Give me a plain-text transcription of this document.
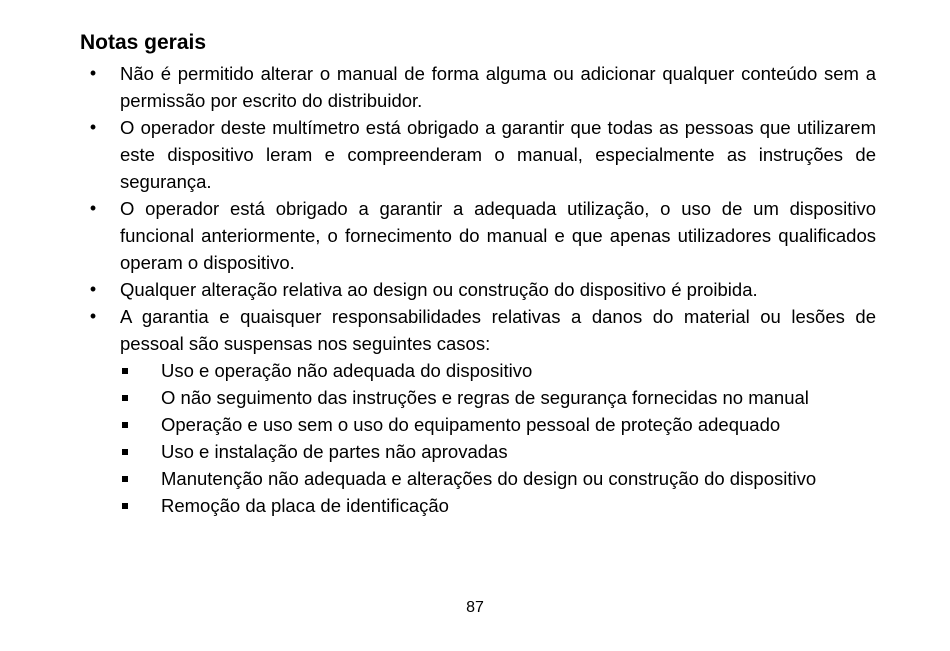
Notas gerais
• Não é permitido alterar o manual de forma alguma ou adicionar qualquer conteúdo sem a permissão por escrito do distribuidor.
• O operador deste multímetro está obrigado a garantir que todas as pessoas que utilizarem este dispositivo leram e compreenderam o manual, especialmente as instruções de segurança.
• O operador está obrigado a garantir a adequada utilização, o uso de um dispositivo funcional anteriormente, o fornecimento do manual e que apenas utilizadores qualificados operam o dispositivo.
• Qualquer alteração relativa ao design ou construção do dispositivo é proibida.
• A garantia e quaisquer responsabilidades relativas a danos do material ou lesões de pessoal são suspensas nos seguintes casos:
Uso e operação não adequada do dispositivo
O não seguimento das instruções e regras de segurança fornecidas no manual
Operação e uso sem o uso do equipamento pessoal de proteção adequado
Uso e instalação de partes não aprovadas
Manutenção não adequada e alterações do design ou construção do dispositivo
Remoção da placa de identificação
87
